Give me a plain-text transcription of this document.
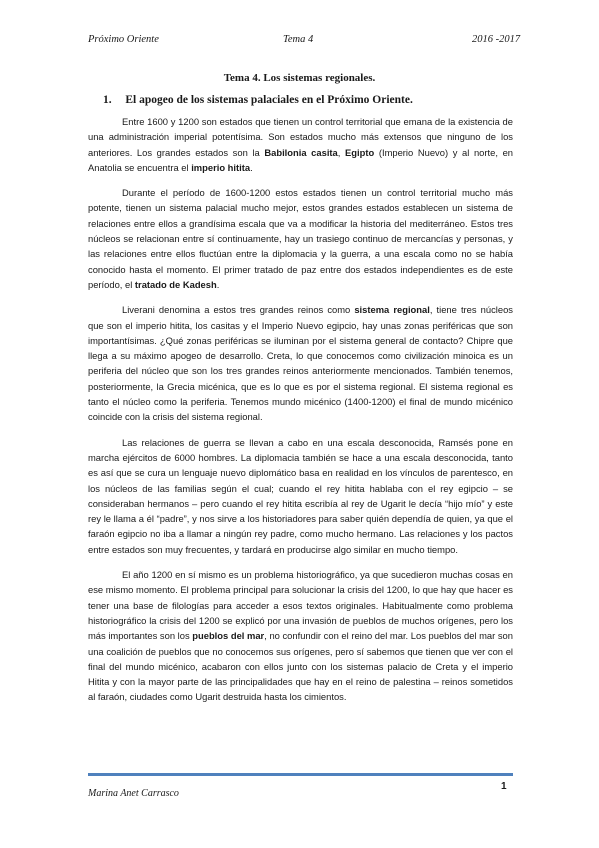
Próximo Oriente	Tema 4	2016 -2017
Tema 4. Los sistemas regionales.
1. El apogeo de los sistemas palaciales en el Próximo Oriente.

Entre 1600 y 1200 son estados que tienen un control territorial que emana de la existencia de una administración imperial potentísima. Son estados mucho más extensos que ninguno de los anteriores. Los grandes estados son la Babilonia casita, Egipto (Imperio Nuevo) y al norte, en Anatolia se encuentra el imperio hitita.

Durante el período de 1600-1200 estos estados tienen un control territorial mucho más potente, tienen un sistema palacial mucho mejor, estos grandes estados establecen un sistema de relaciones entre ellos a grandísima escala que va a modificar la historia del mediterráneo. Estos tres núcleos se relacionan entre sí continuamente, hay un trasiego continuo de mercancías y personas, y las relaciones entre ellos fluctúan entre la diplomacia y la guerra, a una escala como no se había conocido hasta el momento. El primer tratado de paz entre dos estados independientes es de este período, el tratado de Kadesh.

Liverani denomina a estos tres grandes reinos como sistema regional, tiene tres núcleos que son el imperio hitita, los casitas y el Imperio Nuevo egipcio, hay unas zonas periféricas que son importantísimas. ¿Qué zonas periféricas se iluminan por el sistema general de contacto? Chipre que llega a su máximo apogeo de desarrollo. Creta, lo que conocemos como civilización minoica es un periferia del núcleo que son los tres grandes reinos anteriormente mencionados. También tenemos, posteriormente, la Grecia micénica, que es lo que es por el sistema regional. El sistema regional es tanto el núcleo como la periferia. Tenemos mundo micénico (1400-1200) el final de mundo micénico coincide con la crisis del sistema regional.

Las relaciones de guerra se llevan a cabo en una escala desconocida, Ramsés pone en marcha ejércitos de 6000 hombres. La diplomacia también se hace a una escala desconocida, tanto es así que se cura un lenguaje nuevo diplomático basa en realidad en los vínculos de parentesco, en los núcleos de las familias según el cual; cuando el rey hitita hablaba con el rey egipcio – se consideraban hermanos – pero cuando el rey hitita escribía al rey de Ugarit le decía “hijo mío” y este rey le llama a él “padre”, y nos sirve a los historiadores para saber quién dependía de quien, ya que el faraón egipcio no iba a llamar a ningún rey padre, como mucho hermano. Las relaciones y los pactos entre estados son muy frecuentes, y tardará en producirse algo similar en mucho tiempo.

El año 1200 en sí mismo es un problema historiográfico, ya que sucedieron muchas cosas en ese mismo momento. El problema principal para solucionar la crisis del 1200, lo que hay que hacer es tener una base de filologías para acceder a esos textos originales. Habitualmente como problema historiográfico la crisis del 1200 se explicó por una invasión de pueblos de muchos orígenes, pero los más importantes son los pueblos del mar, no confundir con el reino del mar. Los pueblos del mar son una coalición de pueblos que no conocemos sus orígenes, pero sí sabemos que tienen que ver con el final del mundo micénico, acabaron con ellos junto con los sistemas palacio de Creta y el imperio Hitita y con la mayor parte de las principalidades que hay en el reino de palestina – reinos sometidos al faraón, ciudades como Ugarit destruida hasta los cimientos.

Marina Anet Carrasco
1
